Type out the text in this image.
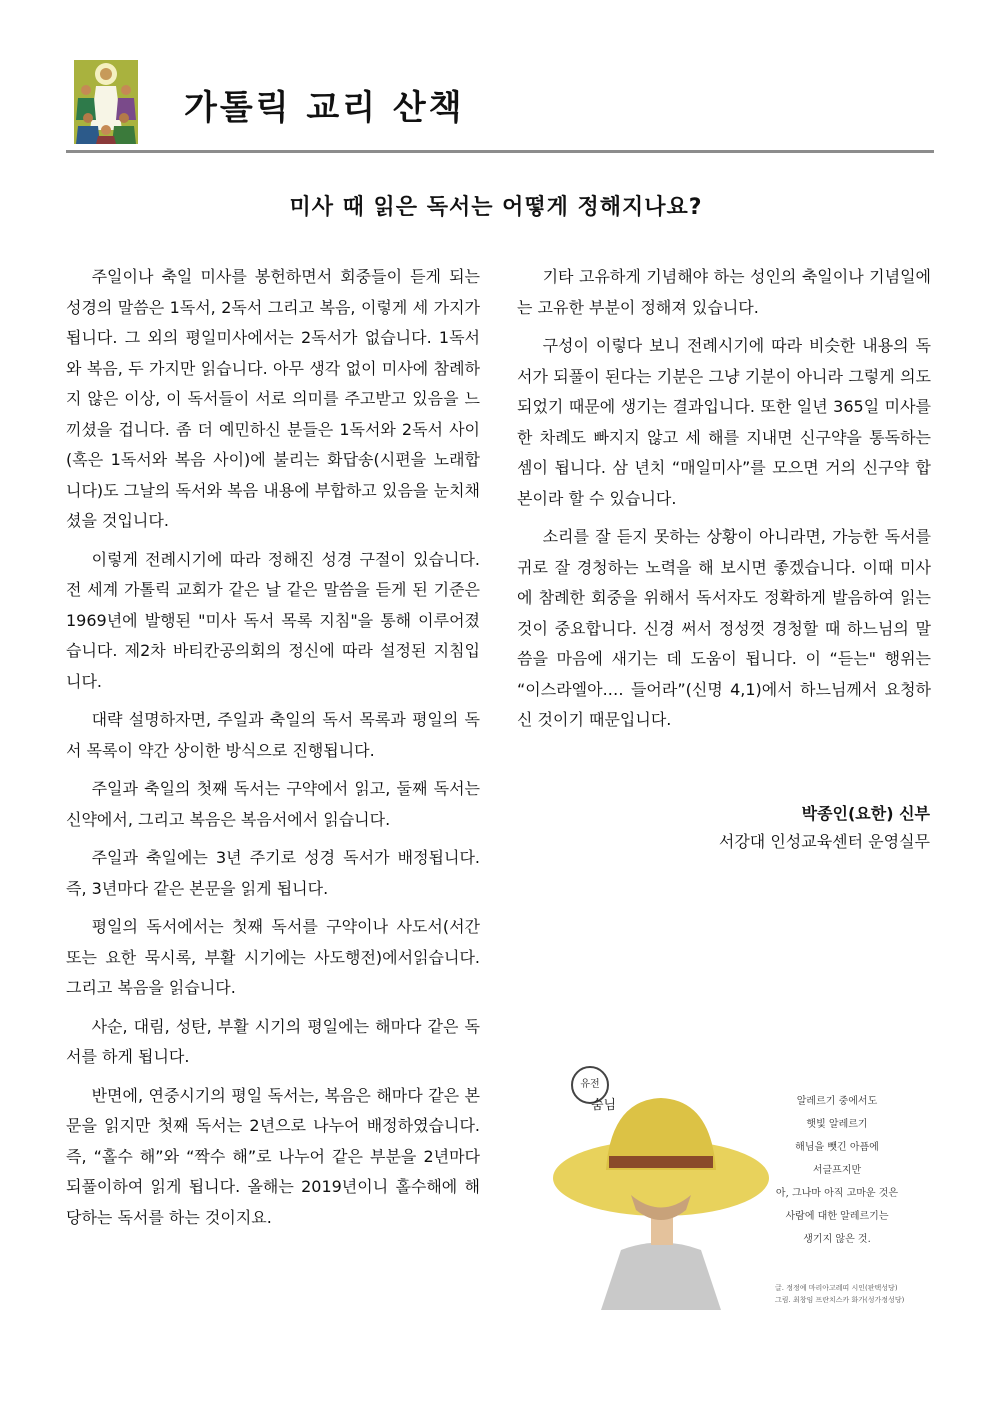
가톨릭 교리 산책
미사 때 읽은 독서는 어떻게 정해지나요?

주일이나 축일 미사를 봉헌하면서 회중들이 듣게 되는 성경의 말씀은 1독서, 2독서 그리고 복음, 이렇게 세 가지가 됩니다. 그 외의 평일미사에서는 2독서가 없습니다. 1독서와 복음, 두 가지만 읽습니다. 아무 생각 없이 미사에 참례하지 않은 이상, 이 독서들이 서로 의미를 주고받고 있음을 느끼셨을 겁니다. 좀 더 예민하신 분들은 1독서와 2독서 사이(혹은 1독서와 복음 사이)에 불리는 화답송(시편을 노래합니다)도 그날의 독서와 복음 내용에 부합하고 있음을 눈치채셨을 것입니다.

이렇게 전례시기에 따라 정해진 성경 구절이 있습니다. 전 세계 가톨릭 교회가 같은 날 같은 말씀을 듣게 된 기준은 1969년에 발행된 "미사 독서 목록 지침"을 통해 이루어졌습니다. 제2차 바티칸공의회의 정신에 따라 설정된 지침입니다.

대략 설명하자면, 주일과 축일의 독서 목록과 평일의 독서 목록이 약간 상이한 방식으로 진행됩니다.

주일과 축일의 첫째 독서는 구약에서 읽고, 둘째 독서는 신약에서, 그리고 복음은 복음서에서 읽습니다.

주일과 축일에는 3년 주기로 성경 독서가 배정됩니다. 즉, 3년마다 같은 본문을 읽게 됩니다.

평일의 독서에서는 첫째 독서를 구약이나 사도서(서간 또는 요한 묵시록, 부활 시기에는 사도행전)에서읽습니다. 그리고 복음을 읽습니다.

사순, 대림, 성탄, 부활 시기의 평일에는 해마다 같은 독서를 하게 됩니다.

반면에, 연중시기의 평일 독서는, 복음은 해마다 같은 본문을 읽지만 첫째 독서는 2년으로 나누어 배정하였습니다. 즉, “홀수 해”와 “짝수 해”로 나누어 같은 부분을 2년마다 되풀이하여 읽게 됩니다. 올해는 2019년이니 홀수해에 해당하는 독서를 하는 것이지요.

기타 고유하게 기념해야 하는 성인의 축일이나 기념일에는 고유한 부분이 정해져 있습니다.

구성이 이렇다 보니 전례시기에 따라 비슷한 내용의 독서가 되풀이 된다는 기분은 그냥 기분이 아니라 그렇게 의도되었기 때문에 생기는 결과입니다. 또한 일년 365일 미사를 한 차례도 빠지지 않고 세 해를 지내면 신구약을 통독하는 셈이 됩니다. 삼 년치 “매일미사”를 모으면 거의 신구약 합본이라 할 수 있습니다.

소리를 잘 듣지 못하는 상황이 아니라면, 가능한 독서를 귀로 잘 경청하는 노력을 해 보시면 좋겠습니다. 이때 미사에 참례한 회중을 위해서 독서자도 정확하게 발음하여 읽는 것이 중요합니다. 신경 써서 정성껏 경청할 때 하느님의 말씀을 마음에 새기는 데 도움이 됩니다. 이 “듣는" 행위는 “이스라엘아.… 들어라”(신명 4,1)에서 하느님께서 요청하신 것이기 때문입니다.

박종인(요한) 신부
서강대 인성교육센터 운영실무
유전
숨님	알레르기 중에서도
햇빛 알레르기
해님을 뺏긴 아픔에
서글프지만
아, 그나마 아직 고마운 것은
사람에 대한 알레르기는
생기지 않은 것.
글. 정정예 마리아고레띠 시인(판택성당)
그림. 최창임 프란치스카 화가(성가정성당)
